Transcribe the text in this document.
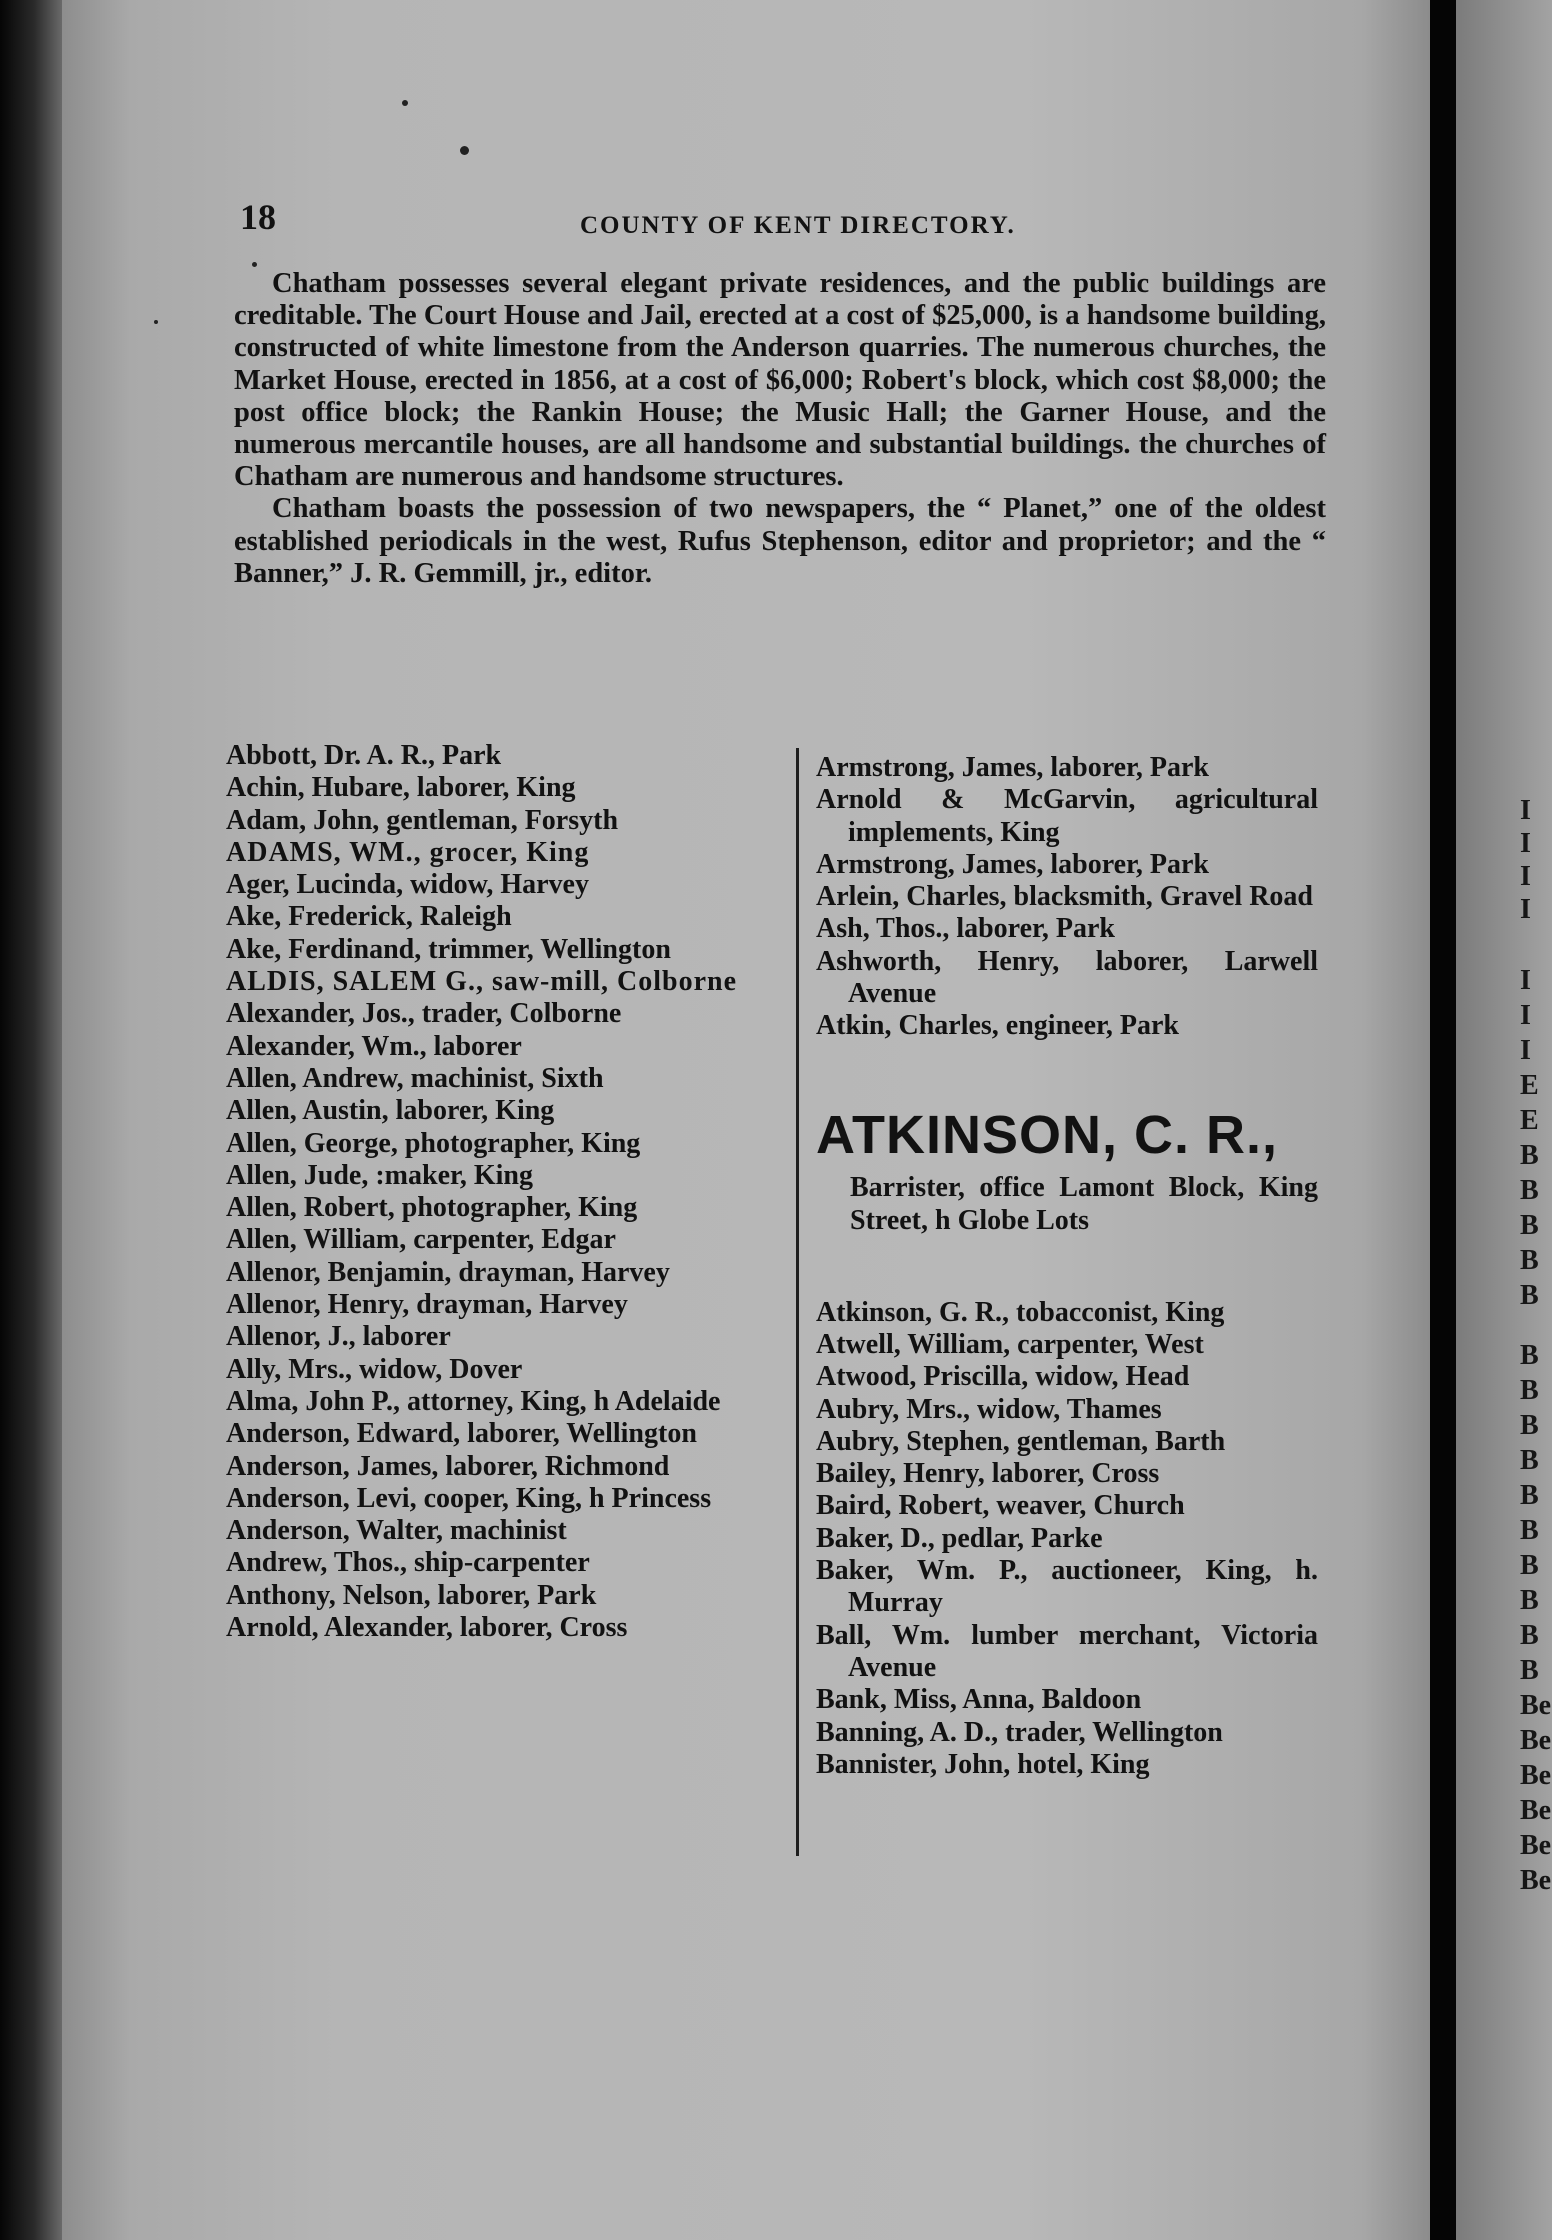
18	COUNTY OF KENT DIRECTORY.

Chatham possesses several elegant private residences, and the public buildings are creditable. The Court House and Jail, erected at a cost of $25,000, is a handsome building, constructed of white limestone from the Anderson quarries. The numerous churches, the Market House, erected in 1856, at a cost of $6,000; Robert's block, which cost $8,000; the post office block; the Rankin House; the Music Hall; the Garner House, and the numerous mercantile houses, are all handsome and substantial buildings. the churches of Chatham are numerous and handsome structures.

Chatham boasts the possession of two newspapers, the “ Planet,” one of the oldest established periodicals in the west, Rufus Stephenson, editor and proprietor; and the “ Banner,” J. R. Gemmill, jr., editor.

Abbott, Dr. A. R., Park
Achin, Hubare, laborer, King
Adam, John, gentleman, Forsyth
ADAMS, WM., grocer, King
Ager, Lucinda, widow, Harvey
Ake, Frederick, Raleigh
Ake, Ferdinand, trimmer, Wellington
ALDIS, SALEM G., saw-mill, Colborne
Alexander, Jos., trader, Colborne
Alexander, Wm., laborer
Allen, Andrew, machinist, Sixth
Allen, Austin, laborer, King
Allen, George, photographer, King
Allen, Jude, :maker, King
Allen, Robert, photographer, King
Allen, William, carpenter, Edgar
Allenor, Benjamin, drayman, Harvey
Allenor, Henry, drayman, Harvey
Allenor, J., laborer
Ally, Mrs., widow, Dover
Alma, John P., attorney, King, h Adelaide
Anderson, Edward, laborer, Wellington
Anderson, James, laborer, Richmond
Anderson, Levi, cooper, King, h Princess
Anderson, Walter, machinist
Andrew, Thos., ship-carpenter
Anthony, Nelson, laborer, Park
Arnold, Alexander, laborer, Cross
Armstrong, James, laborer, Park
Arnold & McGarvin, agricultural implements, King
Armstrong, James, laborer, Park
Arlein, Charles, blacksmith, Gravel Road
Ash, Thos., laborer, Park
Ashworth, Henry, laborer, Larwell Avenue
Atkin, Charles, engineer, Park
ATKINSON, C. R.,
Barrister, office Lamont Block, King Street, h Globe Lots
Atkinson, G. R., tobacconist, King
Atwell, William, carpenter, West
Atwood, Priscilla, widow, Head
Aubry, Mrs., widow, Thames
Aubry, Stephen, gentleman, Barth
Bailey, Henry, laborer, Cross
Baird, Robert, weaver, Church
Baker, D., pedlar, Parke
Baker, Wm. P., auctioneer, King, h. Murray
Ball, Wm. lumber merchant, Victoria Avenue
Bank, Miss, Anna, Baldoon
Banning, A. D., trader, Wellington
Bannister, John, hotel, King
I
I
I
I
I
I
I
E
E
B
B
B
B
B
B
B
B
B
B
B
B
B
B
B
Be
Be
Be
Be
Be
Be
